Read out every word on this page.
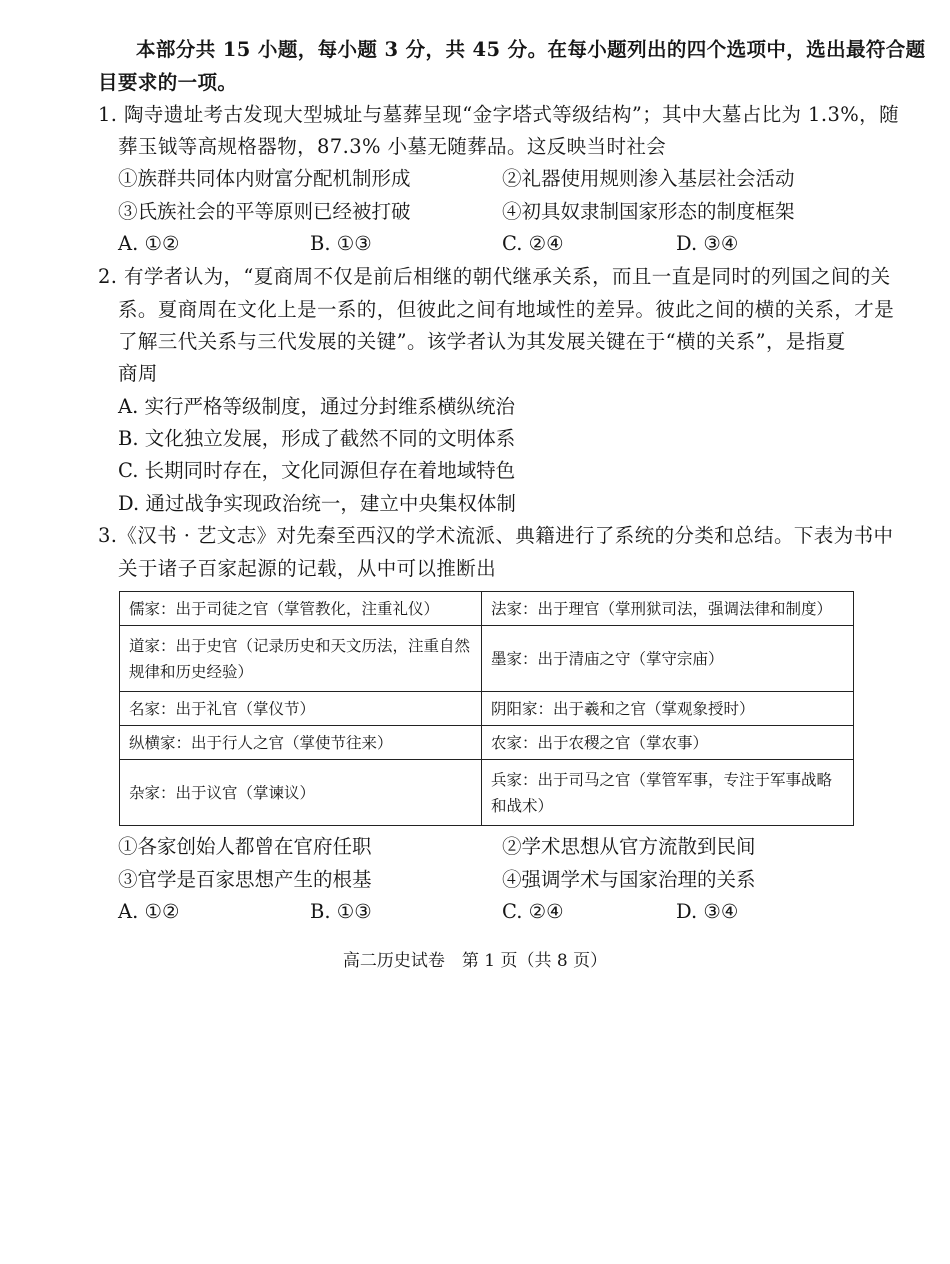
本部分共 15 小题，每小题 3 分，共 45 分。在每小题列出的四个选项中，选出最符合题
目要求的一项。
1. 陶寺遗址考古发现大型城址与墓葬呈现“金字塔式等级结构”；其中大墓占比为 1.3%，随
葬玉钺等高规格器物，87.3% 小墓无随葬品。这反映当时社会
①族群共同体内财富分配机制形成	②礼器使用规则渗入基层社会活动
③氏族社会的平等原则已经被打破	④初具奴隶制国家形态的制度框架
A. ①②	B. ①③	C. ②④	D. ③④
2. 有学者认为，“夏商周不仅是前后相继的朝代继承关系，而且一直是同时的列国之间的关
系。夏商周在文化上是一系的，但彼此之间有地域性的差异。彼此之间的横的关系，才是
了解三代关系与三代发展的关键”。该学者认为其发展关键在于“横的关系”，是指夏
商周
A. 实行严格等级制度，通过分封维系横纵统治
B. 文化独立发展，形成了截然不同的文明体系
C. 长期同时存在，文化同源但存在着地域特色
D. 通过战争实现政治统一，建立中央集权体制
3.《汉书 · 艺文志》对先秦至西汉的学术流派、典籍进行了系统的分类和总结。下表为书中
关于诸子百家起源的记载，从中可以推断出
儒家：出于司徒之官（掌管教化，注重礼仪）	法家：出于理官（掌刑狱司法，强调法律和制度）
道家：出于史官（记录历史和天文历法，注重自然规律和历史经验）	墨家：出于清庙之守（掌守宗庙）
名家：出于礼官（掌仪节）	阴阳家：出于羲和之官（掌观象授时）
纵横家：出于行人之官（掌使节往来）	农家：出于农稷之官（掌农事）
杂家：出于议官（掌谏议）	兵家：出于司马之官（掌管军事，专注于军事战略和战术）
①各家创始人都曾在官府任职	②学术思想从官方流散到民间
③官学是百家思想产生的根基	④强调学术与国家治理的关系
A. ①②	B. ①③	C. ②④	D. ③④
高二历史试卷　第 1 页（共 8 页）
